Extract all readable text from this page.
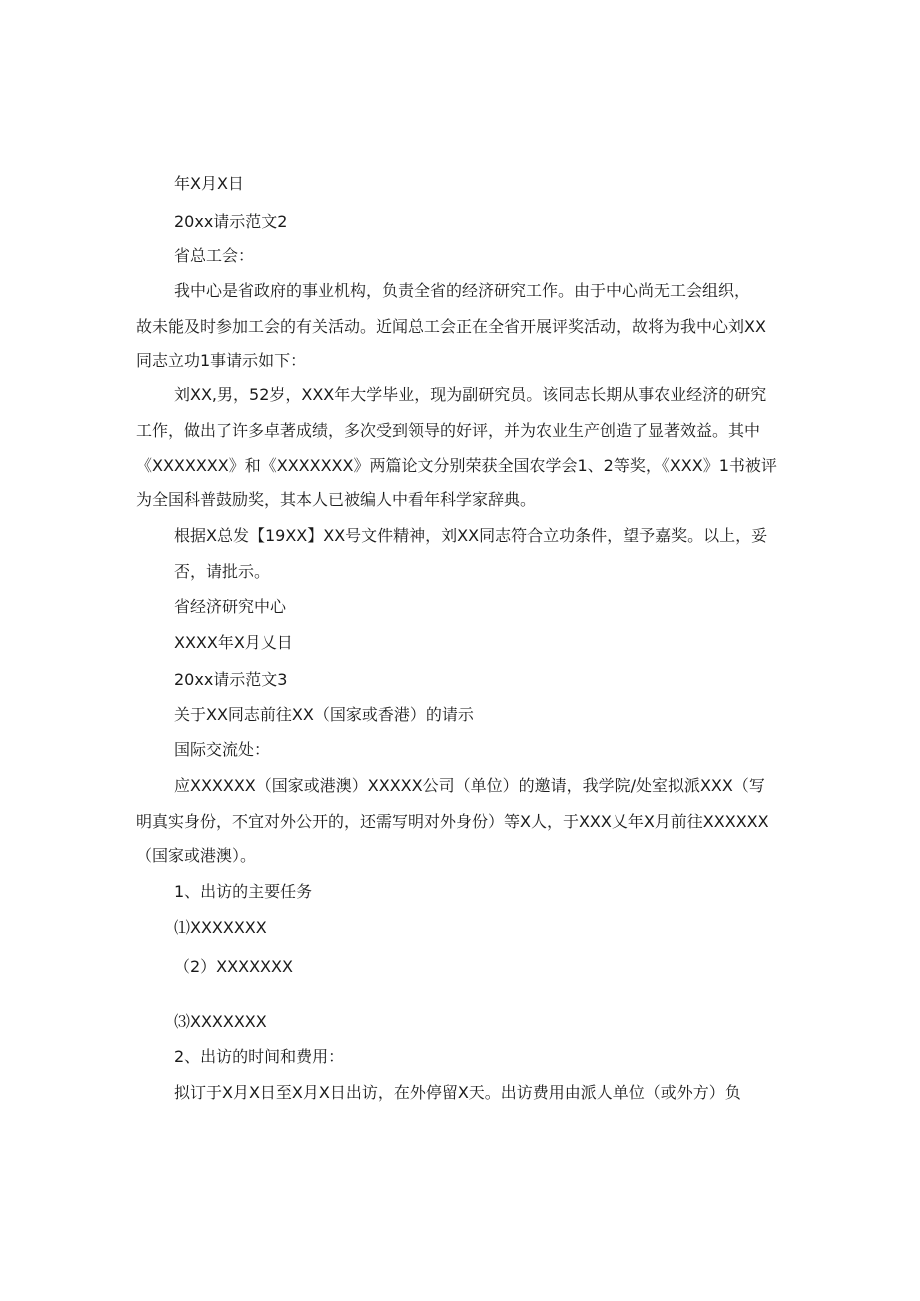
年X月X日

20xx请示范文2

省总工会：

我中心是省政府的事业机构，负责全省的经济研究工作。由于中心尚无工会组织，

故未能及时参加工会的有关活动。近闻总工会正在全省开展评奖活动，故将为我中心刘XX

同志立功1事请示如下：

刘XX,男，52岁，XXX年大学毕业，现为副研究员。该同志长期从事农业经济的研究

工作，做出了许多卓著成绩，多次受到领导的好评，并为农业生产创造了显著效益。其中

《XXXXXXX》和《XXXXXXX》两篇论文分别荣获全国农学会1、2等奖，《XXX》1书被评

为全国科普鼓励奖，其本人已被编人中看年科学家辞典。

根据X总发【19XX】XX号文件精神，刘XX同志符合立功条件，望予嘉奖。以上，妥

否，请批示。

省经济研究中心

XXXX年X月乂日

20xx请示范文3

关于XX同志前往XX（国家或香港）的请示

国际交流处：

应XXXXXX（国家或港澳）XXXXX公司（单位）的邀请，我学院/处室拟派XXX（写

明真实身份，不宜对外公开的，还需写明对外身份）等X人，于XXX乂年X月前往XXXXXX

（国家或港澳）。

1、出访的主要任务

⑴XXXXXXX

（2）XXXXXXX

⑶XXXXXXX

2、出访的时间和费用：

拟订于X月X日至X月X日出访，在外停留X天。出访费用由派人单位（或外方）负
